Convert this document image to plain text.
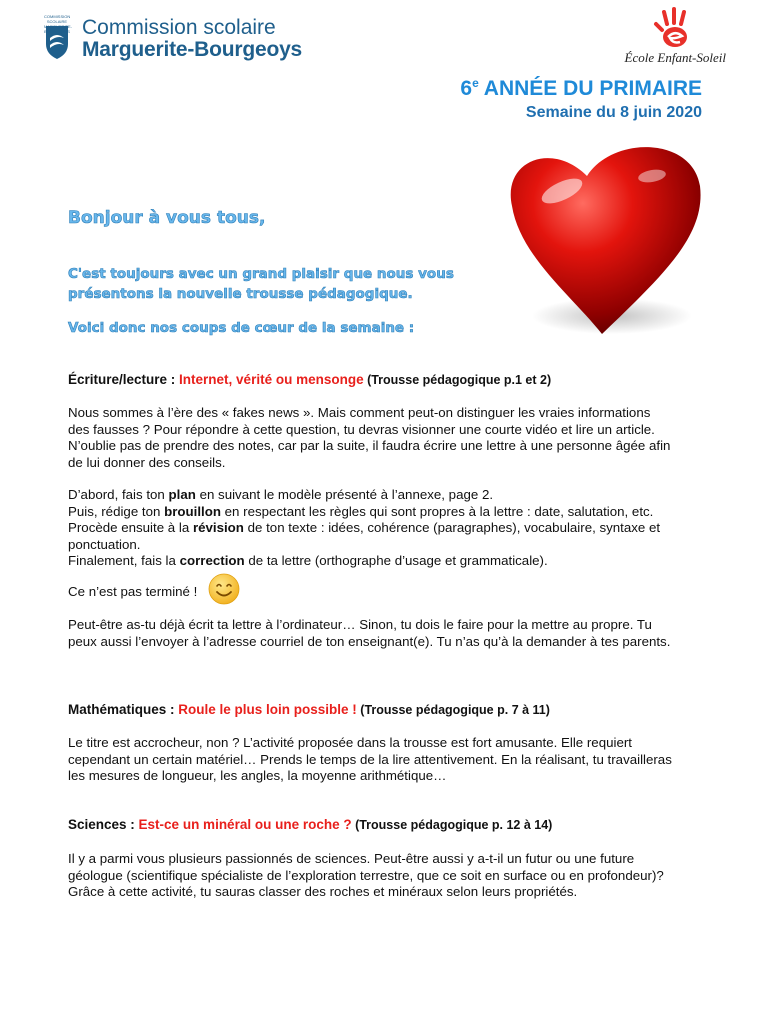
COMMISSION SCOLAIRE MARGUERITE-BOURGEOYS Commission scolaire
Marguerite-Bourgeoys	École Enfant-Soleil
6e ANNÉE DU PRIMAIRE
Semaine du 8 juin 2020
Bonjour à vous tous,
C'est toujours avec un grand plaisir que nous vous
présentons la nouvelle trousse pédagogique.
Voici donc nos coups de cœur de la semaine :
Écriture/lecture : Internet, vérité ou mensonge (Trousse pédagogique p.1 et 2)
Nous sommes à l’ère des « fakes news ». Mais comment peut-on distinguer les vraies informations
des fausses ? Pour répondre à cette question, tu devras visionner une courte vidéo et lire un article.
N’oublie pas de prendre des notes, car par la suite, il faudra écrire une lettre à une personne âgée afin
de lui donner des conseils.
D’abord, fais ton plan en suivant le modèle présenté à l’annexe, page 2.
Puis, rédige ton brouillon en respectant les règles qui sont propres à la lettre : date, salutation, etc.
Procède ensuite à la révision de ton texte : idées, cohérence (paragraphes), vocabulaire, syntaxe et
ponctuation.
Finalement, fais la correction de ta lettre (orthographe d’usage et grammaticale).
Ce n’est pas terminé !
Peut-être as-tu déjà écrit ta lettre à l’ordinateur… Sinon, tu dois le faire pour la mettre au propre. Tu
peux aussi l’envoyer à l’adresse courriel de ton enseignant(e). Tu n’as qu’à la demander à tes parents.
Mathématiques : Roule le plus loin possible ! (Trousse pédagogique p. 7 à 11)
Le titre est accrocheur, non ? L’activité proposée dans la trousse est fort amusante. Elle requiert
cependant un certain matériel… Prends le temps de la lire attentivement. En la réalisant, tu travailleras
les mesures de longueur, les angles, la moyenne arithmétique…
Sciences : Est-ce un minéral ou une roche ? (Trousse pédagogique p. 12 à 14)
Il y a parmi vous plusieurs passionnés de sciences. Peut-être aussi y a-t-il un futur ou une future
géologue (scientifique spécialiste de l’exploration terrestre, que ce soit en surface ou en profondeur)?
Grâce à cette activité, tu sauras classer des roches et minéraux selon leurs propriétés.
